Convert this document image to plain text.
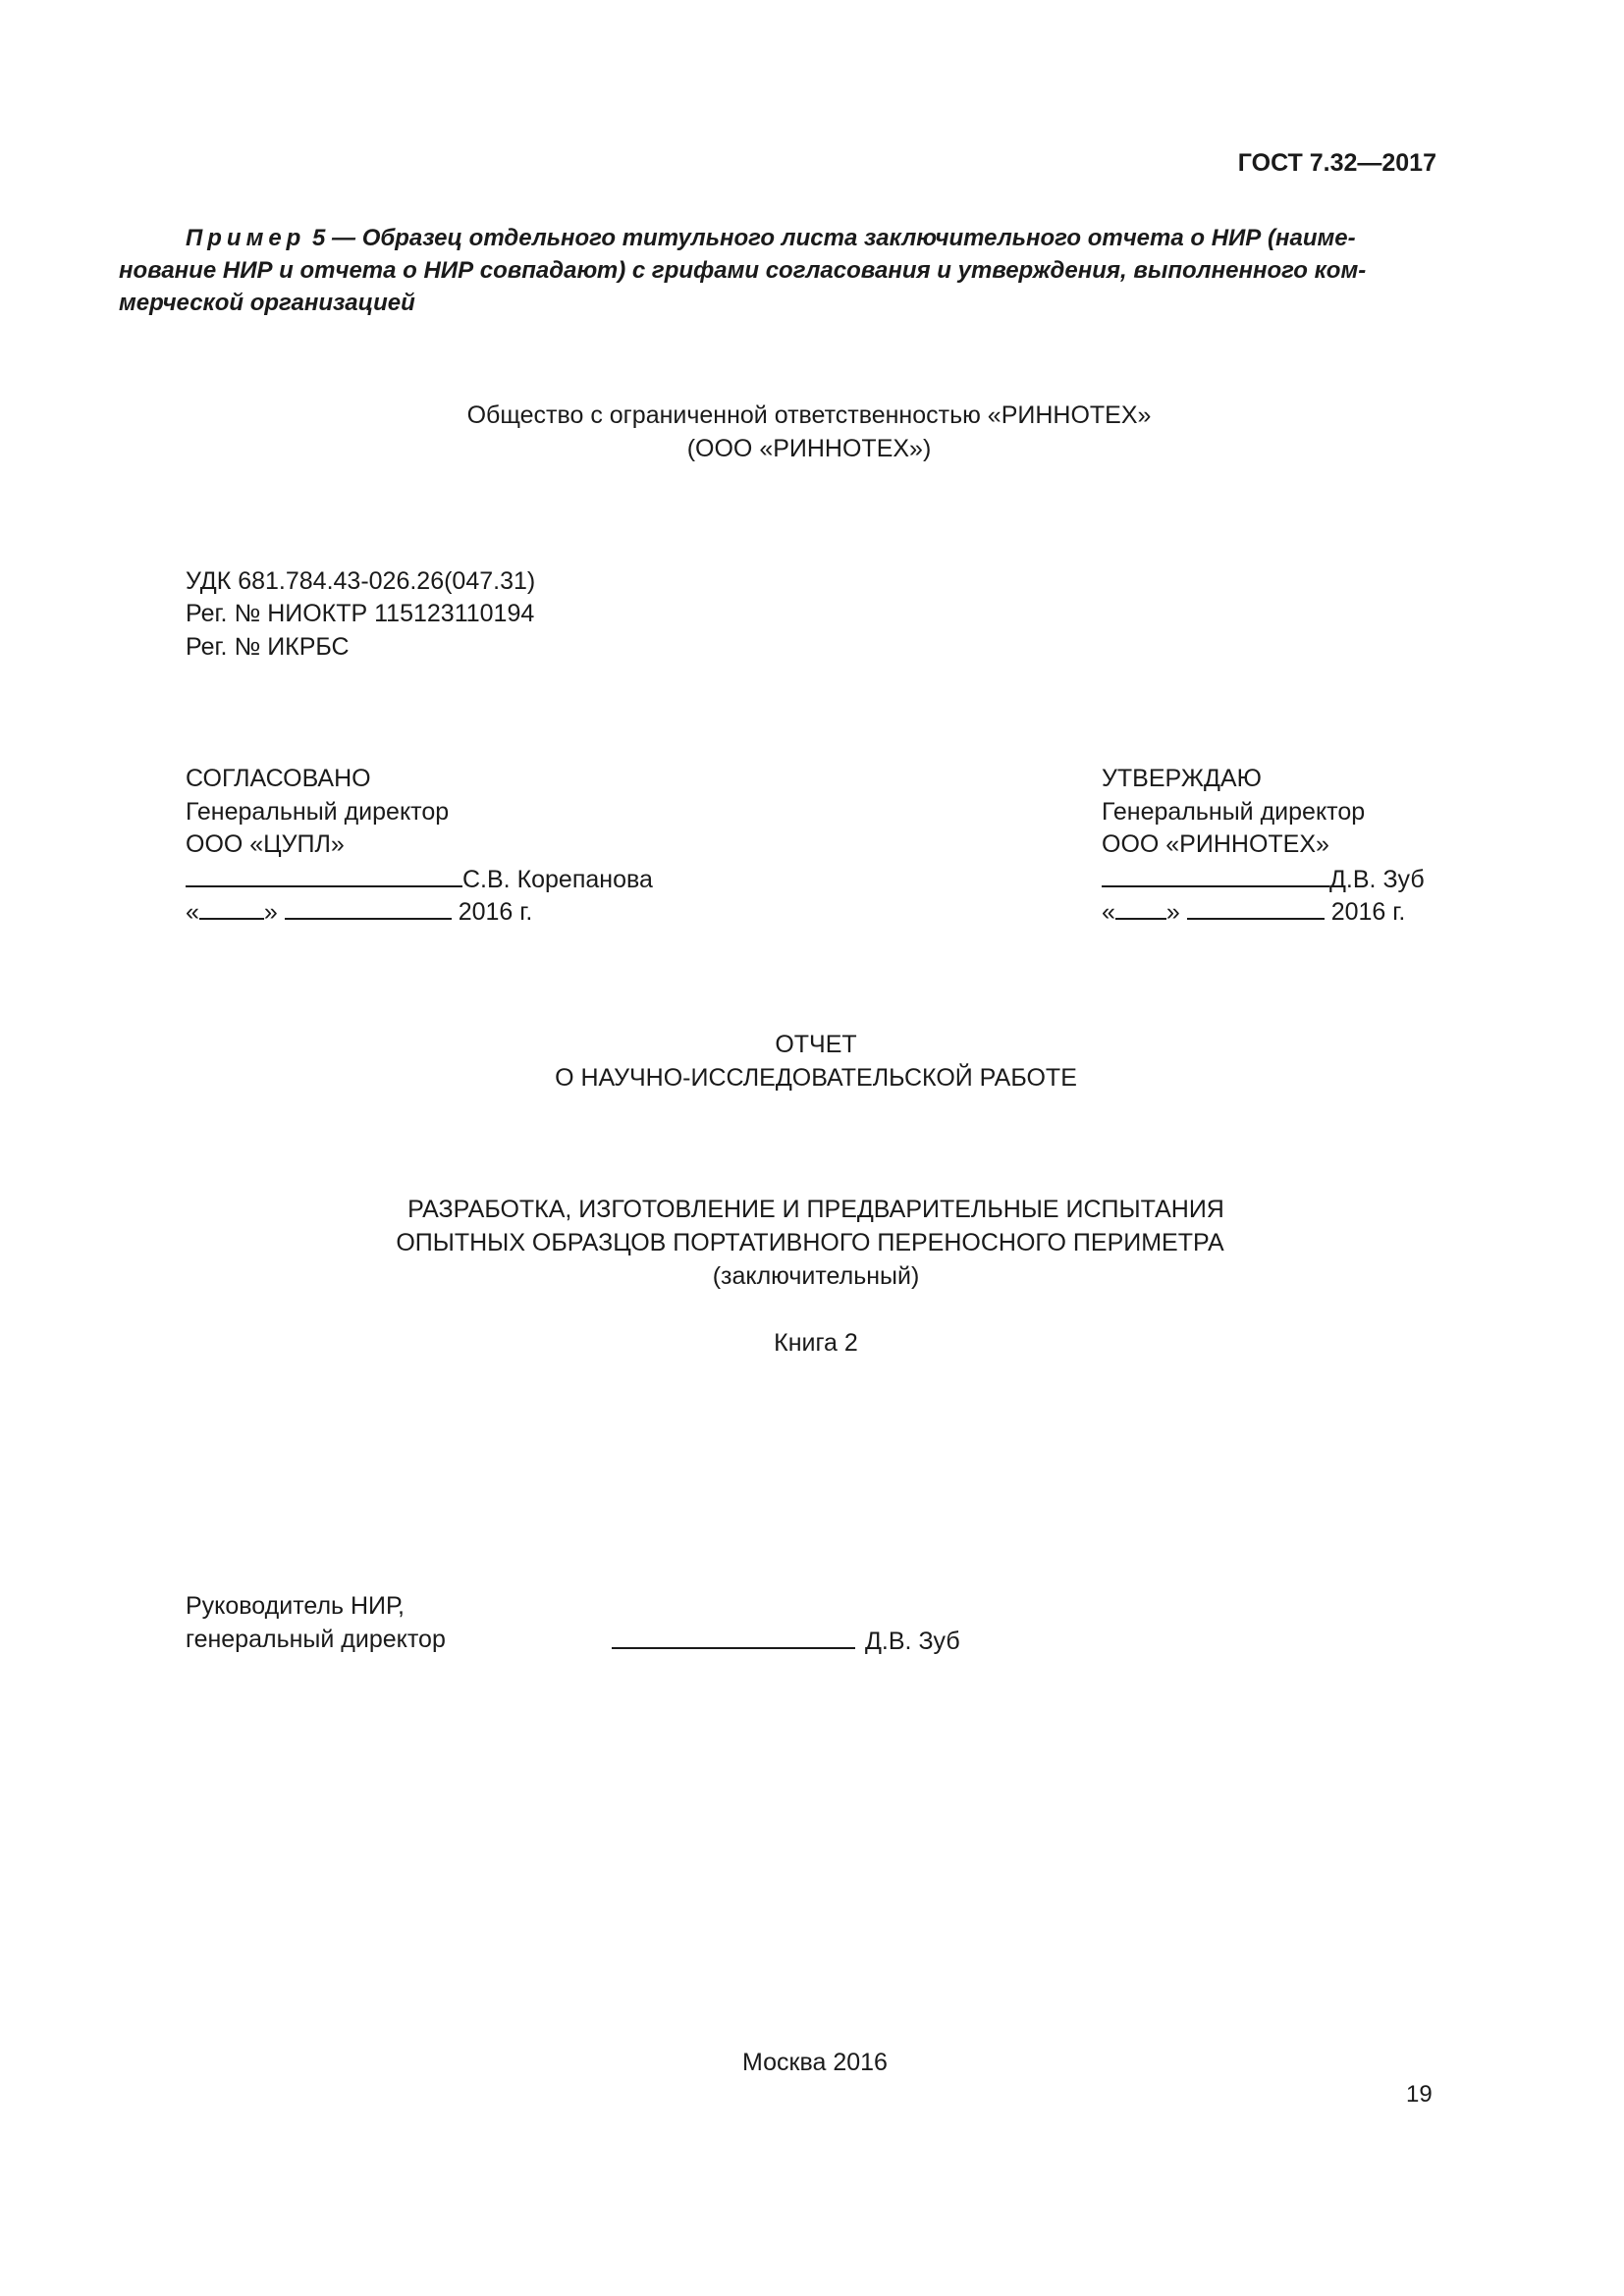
ГОСТ 7.32—2017
Пример 5 — Образец отдельного титульного листа заключительного отчета о НИР (наиме-
нование НИР и отчета о НИР совпадают) с грифами согласования и утверждения, выполненного ком-
мерческой организацией
Общество с ограниченной ответственностью «РИННОТЕХ»
(ООО «РИННОТЕХ»)
УДК 681.784.43-026.26(047.31)
Рег. № НИОКТР 115123110194
Рег. № ИКРБС
СОГЛАСОВАНО
Генеральный директор
ООО «ЦУПЛ»
С.В. Корепанова
«	»	2016 г.
УТВЕРЖДАЮ
Генеральный директор
ООО «РИННОТЕХ»
Д.В. Зуб
« »	2016 г.
ОТЧЕТ
О НАУЧНО-ИССЛЕДОВАТЕЛЬСКОЙ РАБОТЕ
РАЗРАБОТКА, ИЗГОТОВЛЕНИЕ И ПРЕДВАРИТЕЛЬНЫЕ ИСПЫТАНИЯ
ОПЫТНЫХ ОБРАЗЦОВ ПОРТАТИВНОГО ПЕРЕНОСНОГО ПЕРИМЕТРА
(заключительный)
Книга 2
Руководитель НИР,
генеральный директор	Д.В. Зуб
Москва 2016
19
